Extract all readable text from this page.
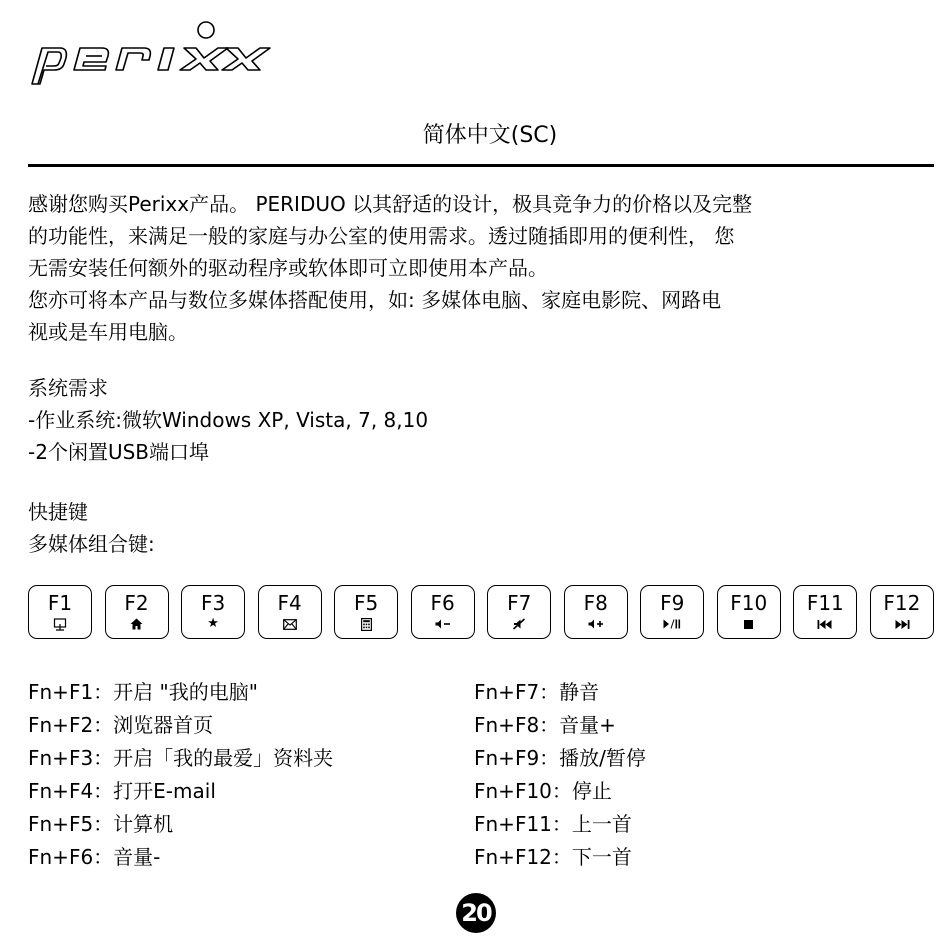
简体中文(SC)

感谢您购买Perixx产品。 PERIDUO 以其舒适的设计，极具竞争力的价格以及完整

的功能性，来满足一般的家庭与办公室的使用需求。透过随插即用的便利性， 您

无需安装任何额外的驱动程序或软体即可立即使用本产品。

您亦可将本产品与数位多媒体搭配使用，如: 多媒体电脑、家庭电影院、网路电

视或是车用电脑。

系统需求

-作业系统:微软Windows XP, Vista, 7, 8,10

-2个闲置USB端口埠

快捷键

多媒体组合键:

F1	F2	F3
★
F4	F5	F6	F7	F8	F9 F10 F11 F12
Fn+F1：开启 "我的电脑"
Fn+F2：浏览器首页
Fn+F3：开启「我的最爱」资料夹
Fn+F4：打开E-mail
Fn+F5：计算机
Fn+F6：音量-
Fn+F7：静音
Fn+F8：音量+
Fn+F9：播放/暂停
Fn+F10：停止
Fn+F11：上一首
Fn+F12：下一首
20
